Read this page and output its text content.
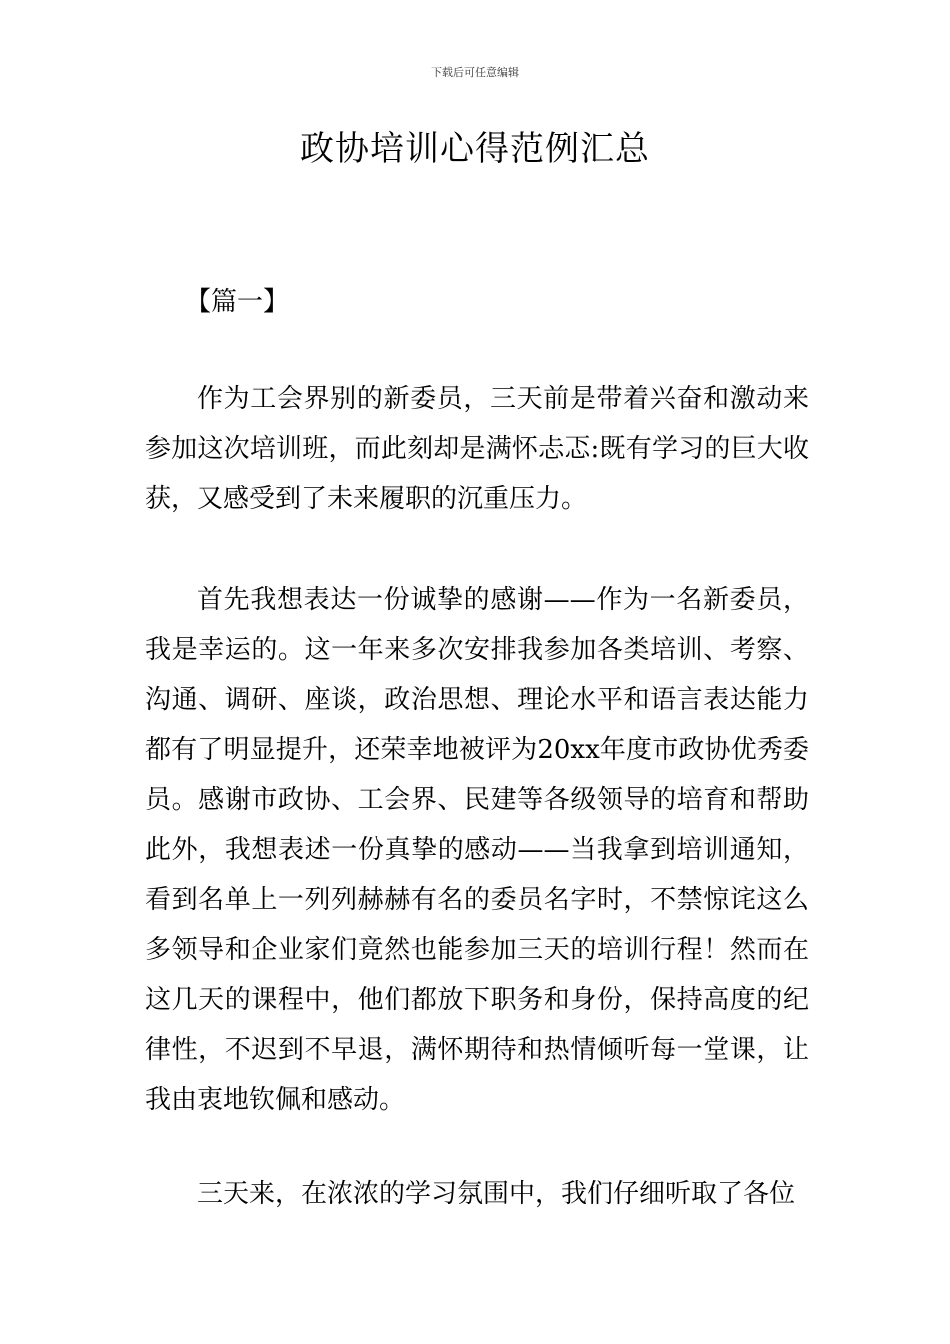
下载后可任意编辑
政协培训心得范例汇总

【篇一】

作为工会界别的新委员，三天前是带着兴奋和激动来参加这次培训班，而此刻却是满怀忐忑:既有学习的巨大收获，又感受到了未来履职的沉重压力。

首先我想表达一份诚挚的感谢——作为一名新委员，我是幸运的。这一年来多次安排我参加各类培训、考察、沟通、调研、座谈，政治思想、理论水平和语言表达能力都有了明显提升，还荣幸地被评为20xx年度市政协优秀委员。感谢市政协、工会界、民建等各级领导的培育和帮助此外，我想表述一份真挚的感动——当我拿到培训通知，看到名单上一列列赫赫有名的委员名字时，不禁惊诧这么多领导和企业家们竟然也能参加三天的培训行程！然而在这几天的课程中，他们都放下职务和身份，保持高度的纪律性，不迟到不早退，满怀期待和热情倾听每一堂课，让我由衷地钦佩和感动。

三天来，在浓浓的学习氛围中，我们仔细听取了各位
